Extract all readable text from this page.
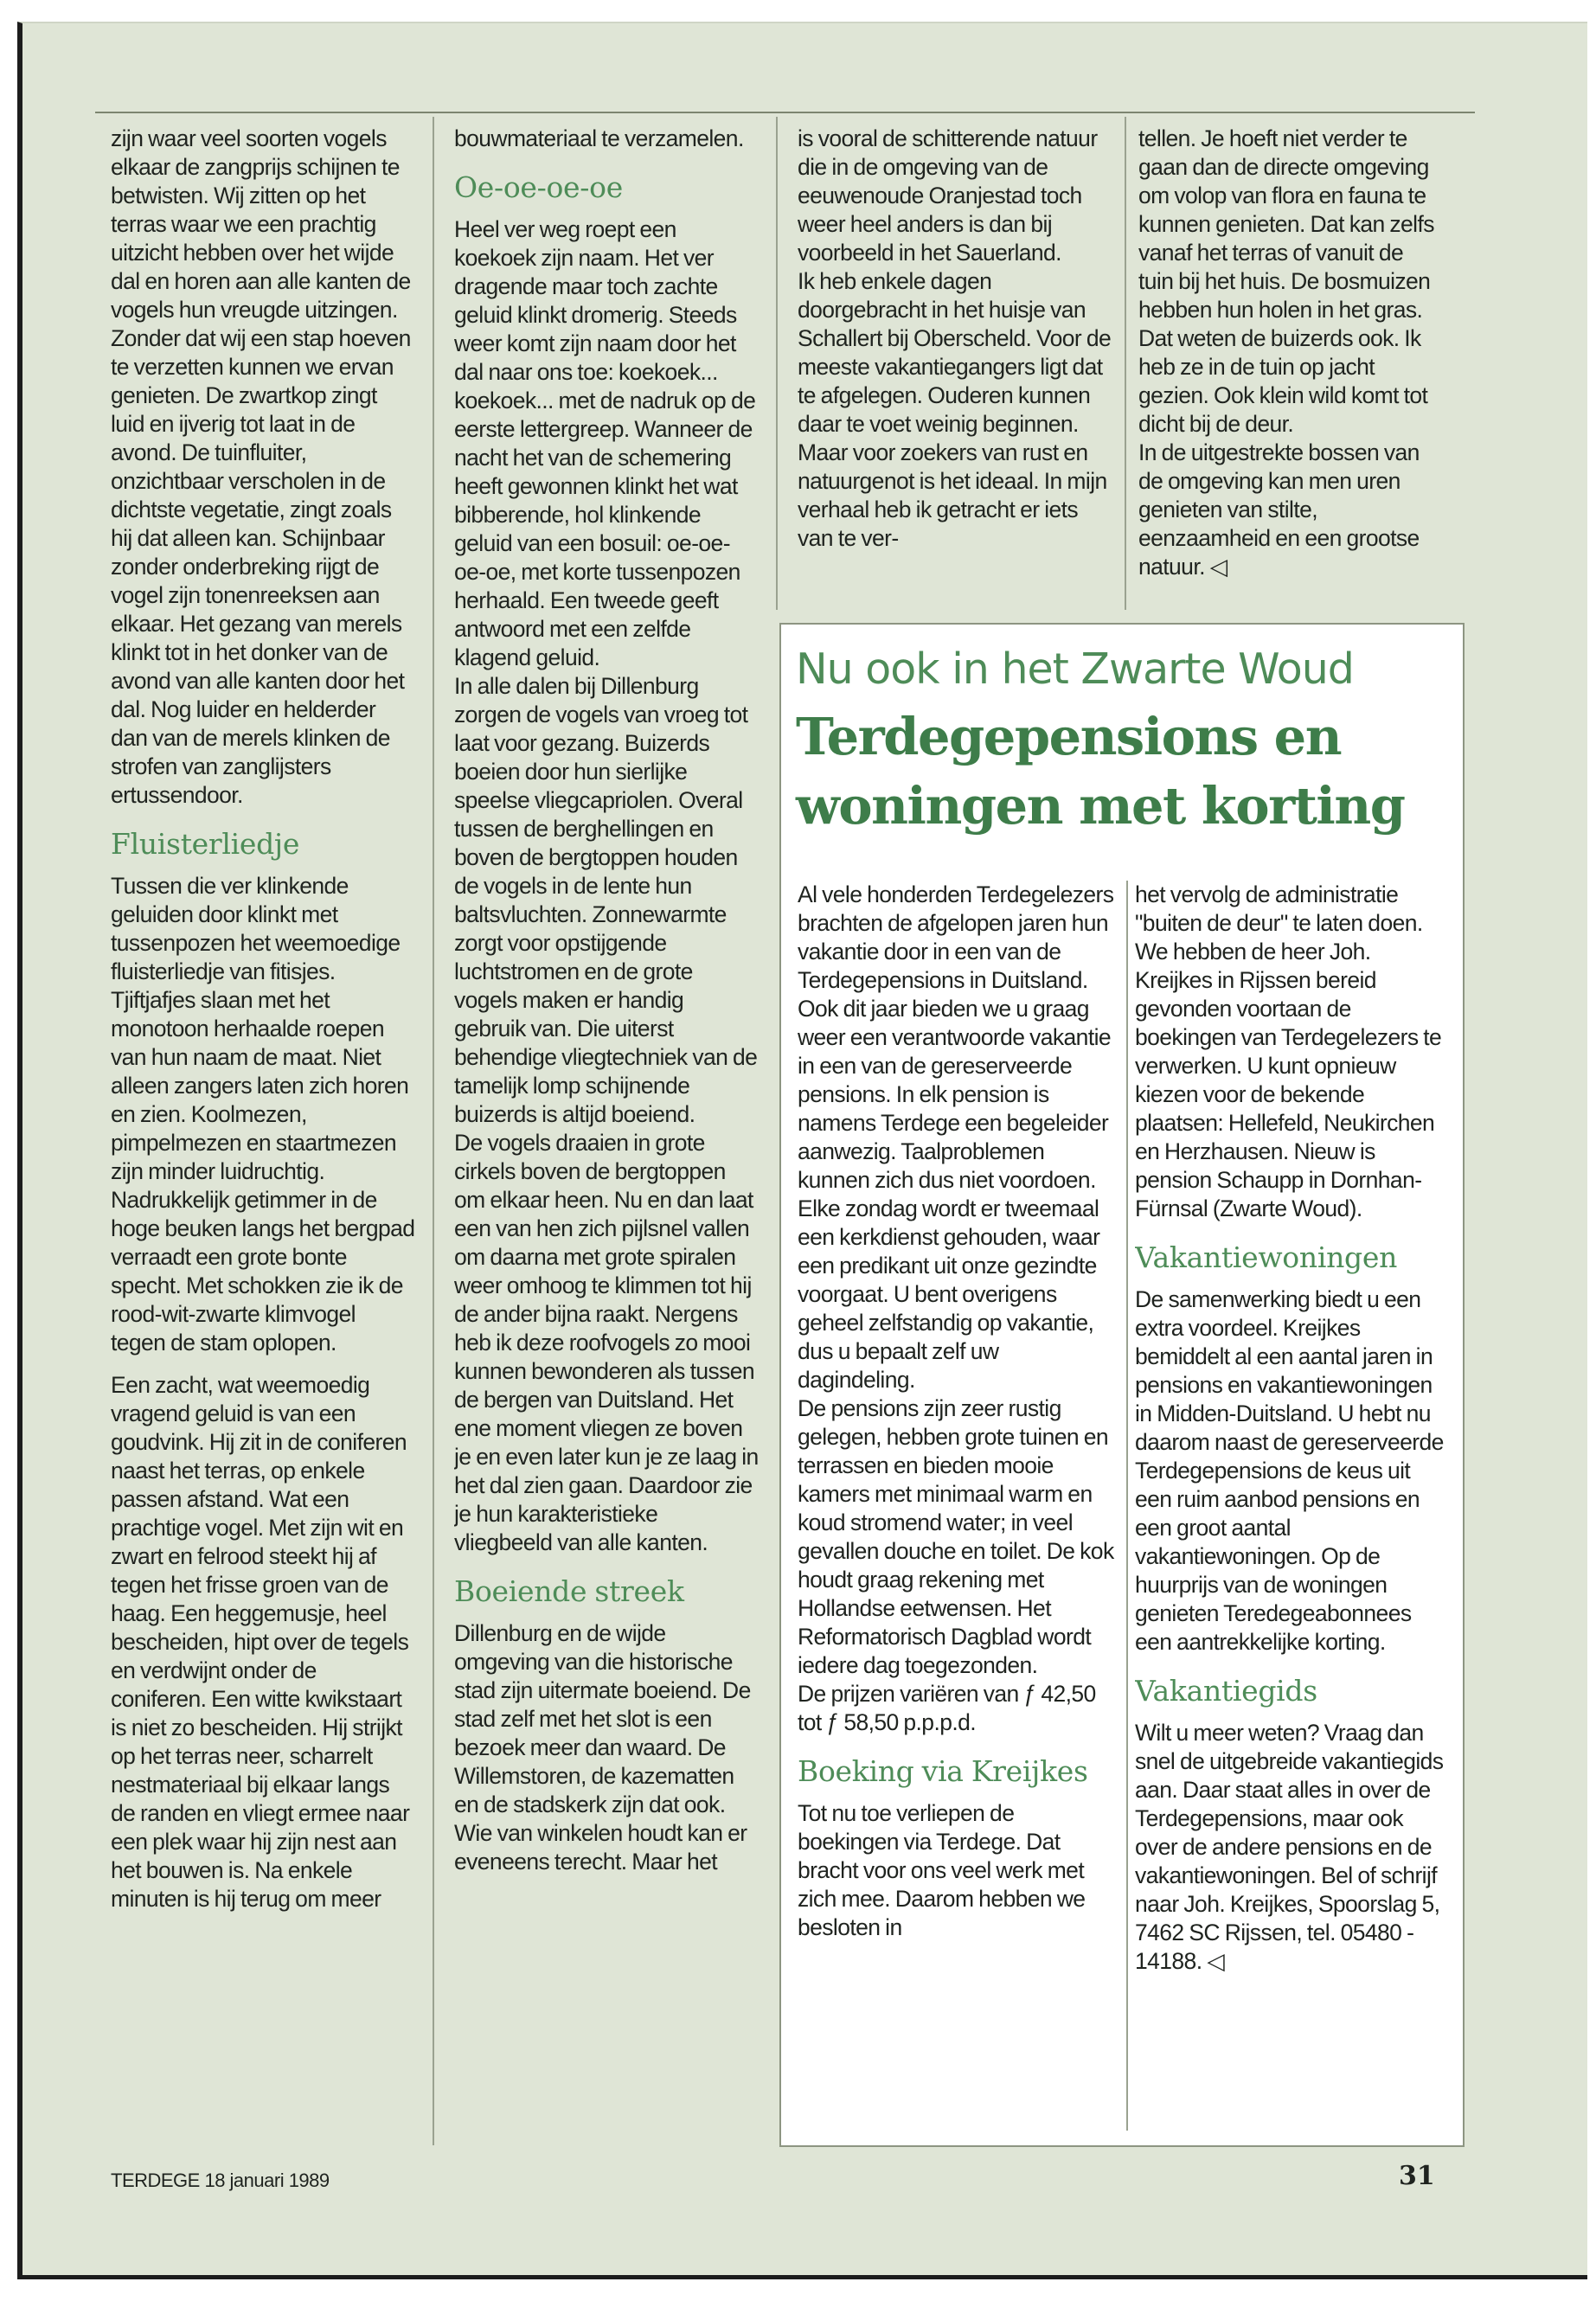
zijn waar veel soorten vogels elkaar de zangprijs schijnen te betwisten. Wij zitten op het terras waar we een prachtig uitzicht hebben over het wijde dal en horen aan alle kanten de vogels hun vreugde uitzingen. Zonder dat wij een stap hoeven te verzetten kunnen we ervan genieten. De zwartkop zingt luid en ijverig tot laat in de avond. De tuinfluiter, onzichtbaar verscholen in de dichtste vegetatie, zingt zoals hij dat alleen kan. Schijnbaar zonder onderbreking rijgt de vogel zijn tonenreeksen aan elkaar. Het gezang van merels klinkt tot in het donker van de avond van alle kanten door het dal. Nog luider en helderder dan van de merels klinken de strofen van zanglijsters ertussendoor.

Fluisterliedje

Tussen die ver klinkende geluiden door klinkt met tussenpozen het weemoedige fluisterliedje van fitisjes. Tjiftjafjes slaan met het monotoon herhaalde roepen van hun naam de maat. Niet alleen zangers laten zich horen en zien. Koolmezen, pimpelmezen en staartmezen zijn minder luidruchtig. Nadrukkelijk getimmer in de hoge beuken langs het bergpad verraadt een grote bonte specht. Met schokken zie ik de rood-wit-zwarte klimvogel tegen de stam oplopen.

Een zacht, wat weemoedig vragend geluid is van een goudvink. Hij zit in de coniferen naast het terras, op enkele passen afstand. Wat een prachtige vogel. Met zijn wit en zwart en felrood steekt hij af tegen het frisse groen van de haag. Een heggemusje, heel bescheiden, hipt over de tegels en verdwijnt onder de coniferen. Een witte kwikstaart is niet zo bescheiden. Hij strijkt op het terras neer, scharrelt nestmateriaal bij elkaar langs de randen en vliegt ermee naar een plek waar hij zijn nest aan het bouwen is. Na enkele minuten is hij terug om meer

bouwmateriaal te verzamelen.

Oe-oe-oe-oe

Heel ver weg roept een koekoek zijn naam. Het ver dragende maar toch zachte geluid klinkt dromerig. Steeds weer komt zijn naam door het dal naar ons toe: koekoek... koekoek... met de nadruk op de eerste lettergreep. Wanneer de nacht het van de schemering heeft gewonnen klinkt het wat bibberende, hol klinkende geluid van een bosuil: oe-oe-oe-oe, met korte tussenpozen herhaald. Een tweede geeft antwoord met een zelfde klagend geluid.

In alle dalen bij Dillenburg zorgen de vogels van vroeg tot laat voor gezang. Buizerds boeien door hun sierlijke speelse vliegcapriolen. Overal tussen de berghellingen en boven de bergtoppen houden de vogels in de lente hun baltsvluchten. Zonnewarmte zorgt voor opstijgende luchtstromen en de grote vogels maken er handig gebruik van. Die uiterst behendige vliegtechniek van de tamelijk lomp schijnende buizerds is altijd boeiend.

De vogels draaien in grote cirkels boven de bergtoppen om elkaar heen. Nu en dan laat een van hen zich pijlsnel vallen om daarna met grote spiralen weer omhoog te klimmen tot hij de ander bijna raakt. Nergens heb ik deze roofvogels zo mooi kunnen bewonderen als tussen de bergen van Duitsland. Het ene moment vliegen ze boven je en even later kun je ze laag in het dal zien gaan. Daardoor zie je hun karakteristieke vliegbeeld van alle kanten.

Boeiende streek

Dillenburg en de wijde omgeving van die historische stad zijn uitermate boeiend. De stad zelf met het slot is een bezoek meer dan waard. De Willemstoren, de kazematten en de stadskerk zijn dat ook. Wie van winkelen houdt kan er eveneens terecht. Maar het

is vooral de schitterende natuur die in de omgeving van de eeuwenoude Oranjestad toch weer heel anders is dan bij voorbeeld in het Sauerland.

Ik heb enkele dagen doorgebracht in het huisje van Schallert bij Oberscheld. Voor de meeste vakantiegangers ligt dat te afgelegen. Ouderen kunnen daar te voet weinig beginnen. Maar voor zoekers van rust en natuurgenot is het ideaal. In mijn verhaal heb ik getracht er iets van te ver-

tellen. Je hoeft niet verder te gaan dan de directe omgeving om volop van flora en fauna te kunnen genieten. Dat kan zelfs vanaf het terras of vanuit de tuin bij het huis. De bosmuizen hebben hun holen in het gras. Dat weten de buizerds ook. Ik heb ze in de tuin op jacht gezien. Ook klein wild komt tot dicht bij de deur.

In de uitgestrekte bossen van de omgeving kan men uren genieten van stilte, eenzaamheid en een grootse natuur. ◁

Nu ook in het Zwarte Woud
Terdegepensions en woningen met korting

Al vele honderden Terdegelezers brachten de afgelopen jaren hun vakantie door in een van de Terdegepensions in Duitsland.

Ook dit jaar bieden we u graag weer een verantwoorde vakantie in een van de gereserveerde pensions. In elk pension is namens Terdege een begeleider aanwezig. Taalproblemen kunnen zich dus niet voordoen. Elke zondag wordt er tweemaal een kerkdienst gehouden, waar een predikant uit onze gezindte voorgaat. U bent overigens geheel zelfstandig op vakantie, dus u bepaalt zelf uw dagindeling.

De pensions zijn zeer rustig gelegen, hebben grote tuinen en terrassen en bieden mooie kamers met minimaal warm en koud stromend water; in veel gevallen douche en toilet. De kok houdt graag rekening met Hollandse eetwensen. Het Reformatorisch Dagblad wordt iedere dag toegezonden.

De prijzen variëren van ƒ 42,50 tot ƒ 58,50 p.p.p.d.

Boeking via Kreijkes

Tot nu toe verliepen de boekingen via Terdege. Dat bracht voor ons veel werk met zich mee. Daarom hebben we besloten in

het vervolg de administratie "buiten de deur" te laten doen. We hebben de heer Joh. Kreijkes in Rijssen bereid gevonden voortaan de boekingen van Terdegelezers te verwerken. U kunt opnieuw kiezen voor de bekende plaatsen: Hellefeld, Neukirchen en Herzhausen. Nieuw is pension Schaupp in Dornhan-Fürnsal (Zwarte Woud).

Vakantiewoningen

De samenwerking biedt u een extra voordeel. Kreijkes bemiddelt al een aantal jaren in pensions en vakantiewoningen in Midden-Duitsland. U hebt nu daarom naast de gereserveerde Terdegepensions de keus uit een ruim aanbod pensions en een groot aantal vakantiewoningen. Op de huurprijs van de woningen genieten Teredegeabonnees een aantrekkelijke korting.

Vakantiegids

Wilt u meer weten? Vraag dan snel de uitgebreide vakantiegids aan. Daar staat alles in over de Terdegepensions, maar ook over de andere pensions en de vakantiewoningen. Bel of schrijf naar Joh. Kreijkes, Spoorslag 5, 7462 SC Rijssen, tel. 05480 - 14188. ◁

TERDEGE 18 januari 1989	31
